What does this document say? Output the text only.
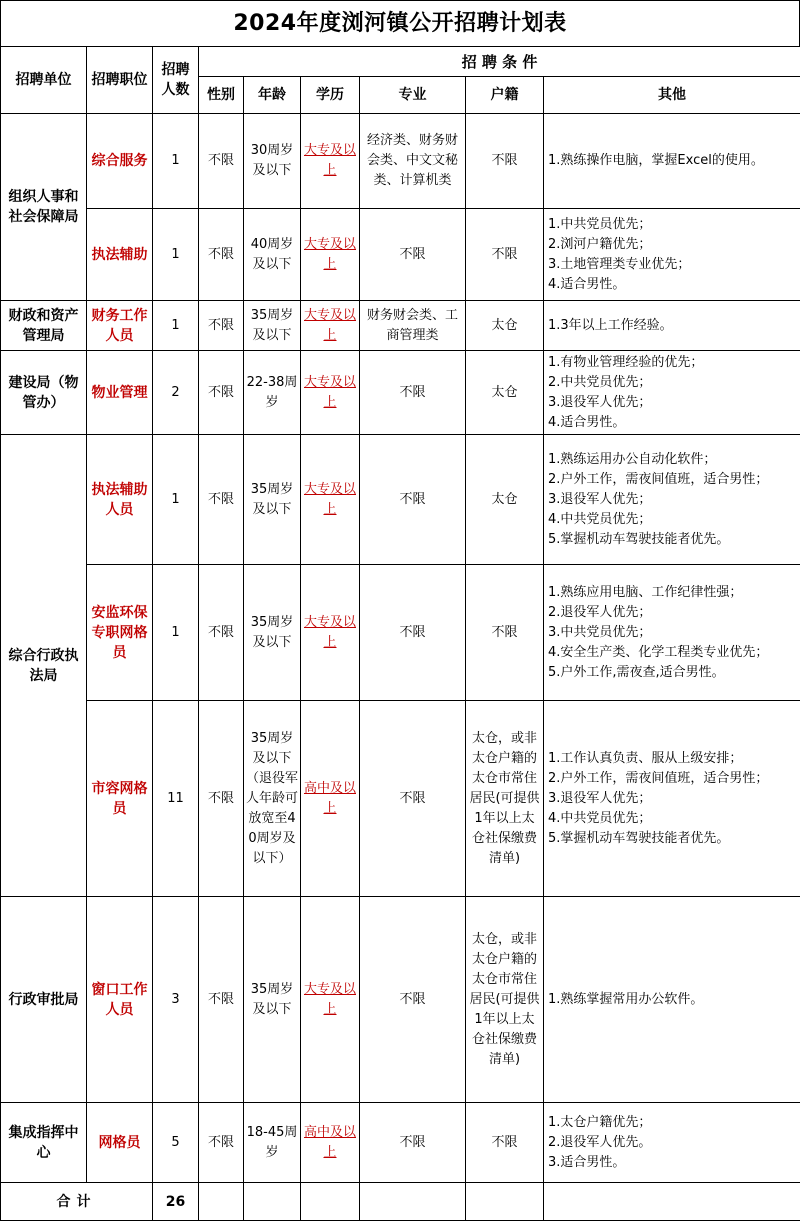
2024年度浏河镇公开招聘计划表
招聘单位	招聘职位	招聘人数	招 聘 条 件					
			性别	年龄	学历	专业	户籍	其他
组织人事和社会保障局	综合服务	1	不限	30周岁及以下	大专及以上	经济类、财务财会类、中文文秘类、计算机类	不限	1.熟练操作电脑，掌握Excel的使用。

	执法辅助	1	不限	40周岁及以下	大专及以上	不限	不限	1.中共党员优先；
2.浏河户籍优先；
3.土地管理类专业优先；
4.适合男性。

财政和资产管理局	财务工作人员	1	不限	35周岁及以下	大专及以上	财务财会类、工商管理类	太仓	1.3年以上工作经验。

建设局（物管办）	物业管理	2	不限	22-38周岁	大专及以上	不限	太仓	1.有物业管理经验的优先；
2.中共党员优先；
3.退役军人优先；
4.适合男性。

综合行政执法局	执法辅助人员	1	不限	35周岁及以下	大专及以上	不限	太仓	1.熟练运用办公自动化软件；
2.户外工作，需夜间值班，适合男性；
3.退役军人优先；
4.中共党员优先；
5.掌握机动车驾驶技能者优先。

	安监环保专职网格员	1	不限	35周岁及以下	大专及以上	不限	不限	1.熟练应用电脑、工作纪律性强；
2.退役军人优先；
3.中共党员优先；
4.安全生产类、化学工程类专业优先；
5.户外工作,需夜查,适合男性。

	市容网格员	11	不限	35周岁及以下（退役军人年龄可放宽至40周岁及以下）	高中及以上	不限	太仓，或非太仓户籍的太仓市常住居民(可提供1年以上太仓社保缴费清单)	1.工作认真负责、服从上级安排；
2.户外工作，需夜间值班，适合男性；
3.退役军人优先；
4.中共党员优先；
5.掌握机动车驾驶技能者优先。

行政审批局	窗口工作人员	3	不限	35周岁及以下	大专及以上	不限	太仓，或非太仓户籍的太仓市常住居民(可提供1年以上太仓社保缴费清单)	1.熟练掌握常用办公软件。

集成指挥中心	网格员	5	不限	18-45周岁	高中及以上	不限	不限	1.太仓户籍优先；
2.退役军人优先。
3.适合男性。

合计		26						
